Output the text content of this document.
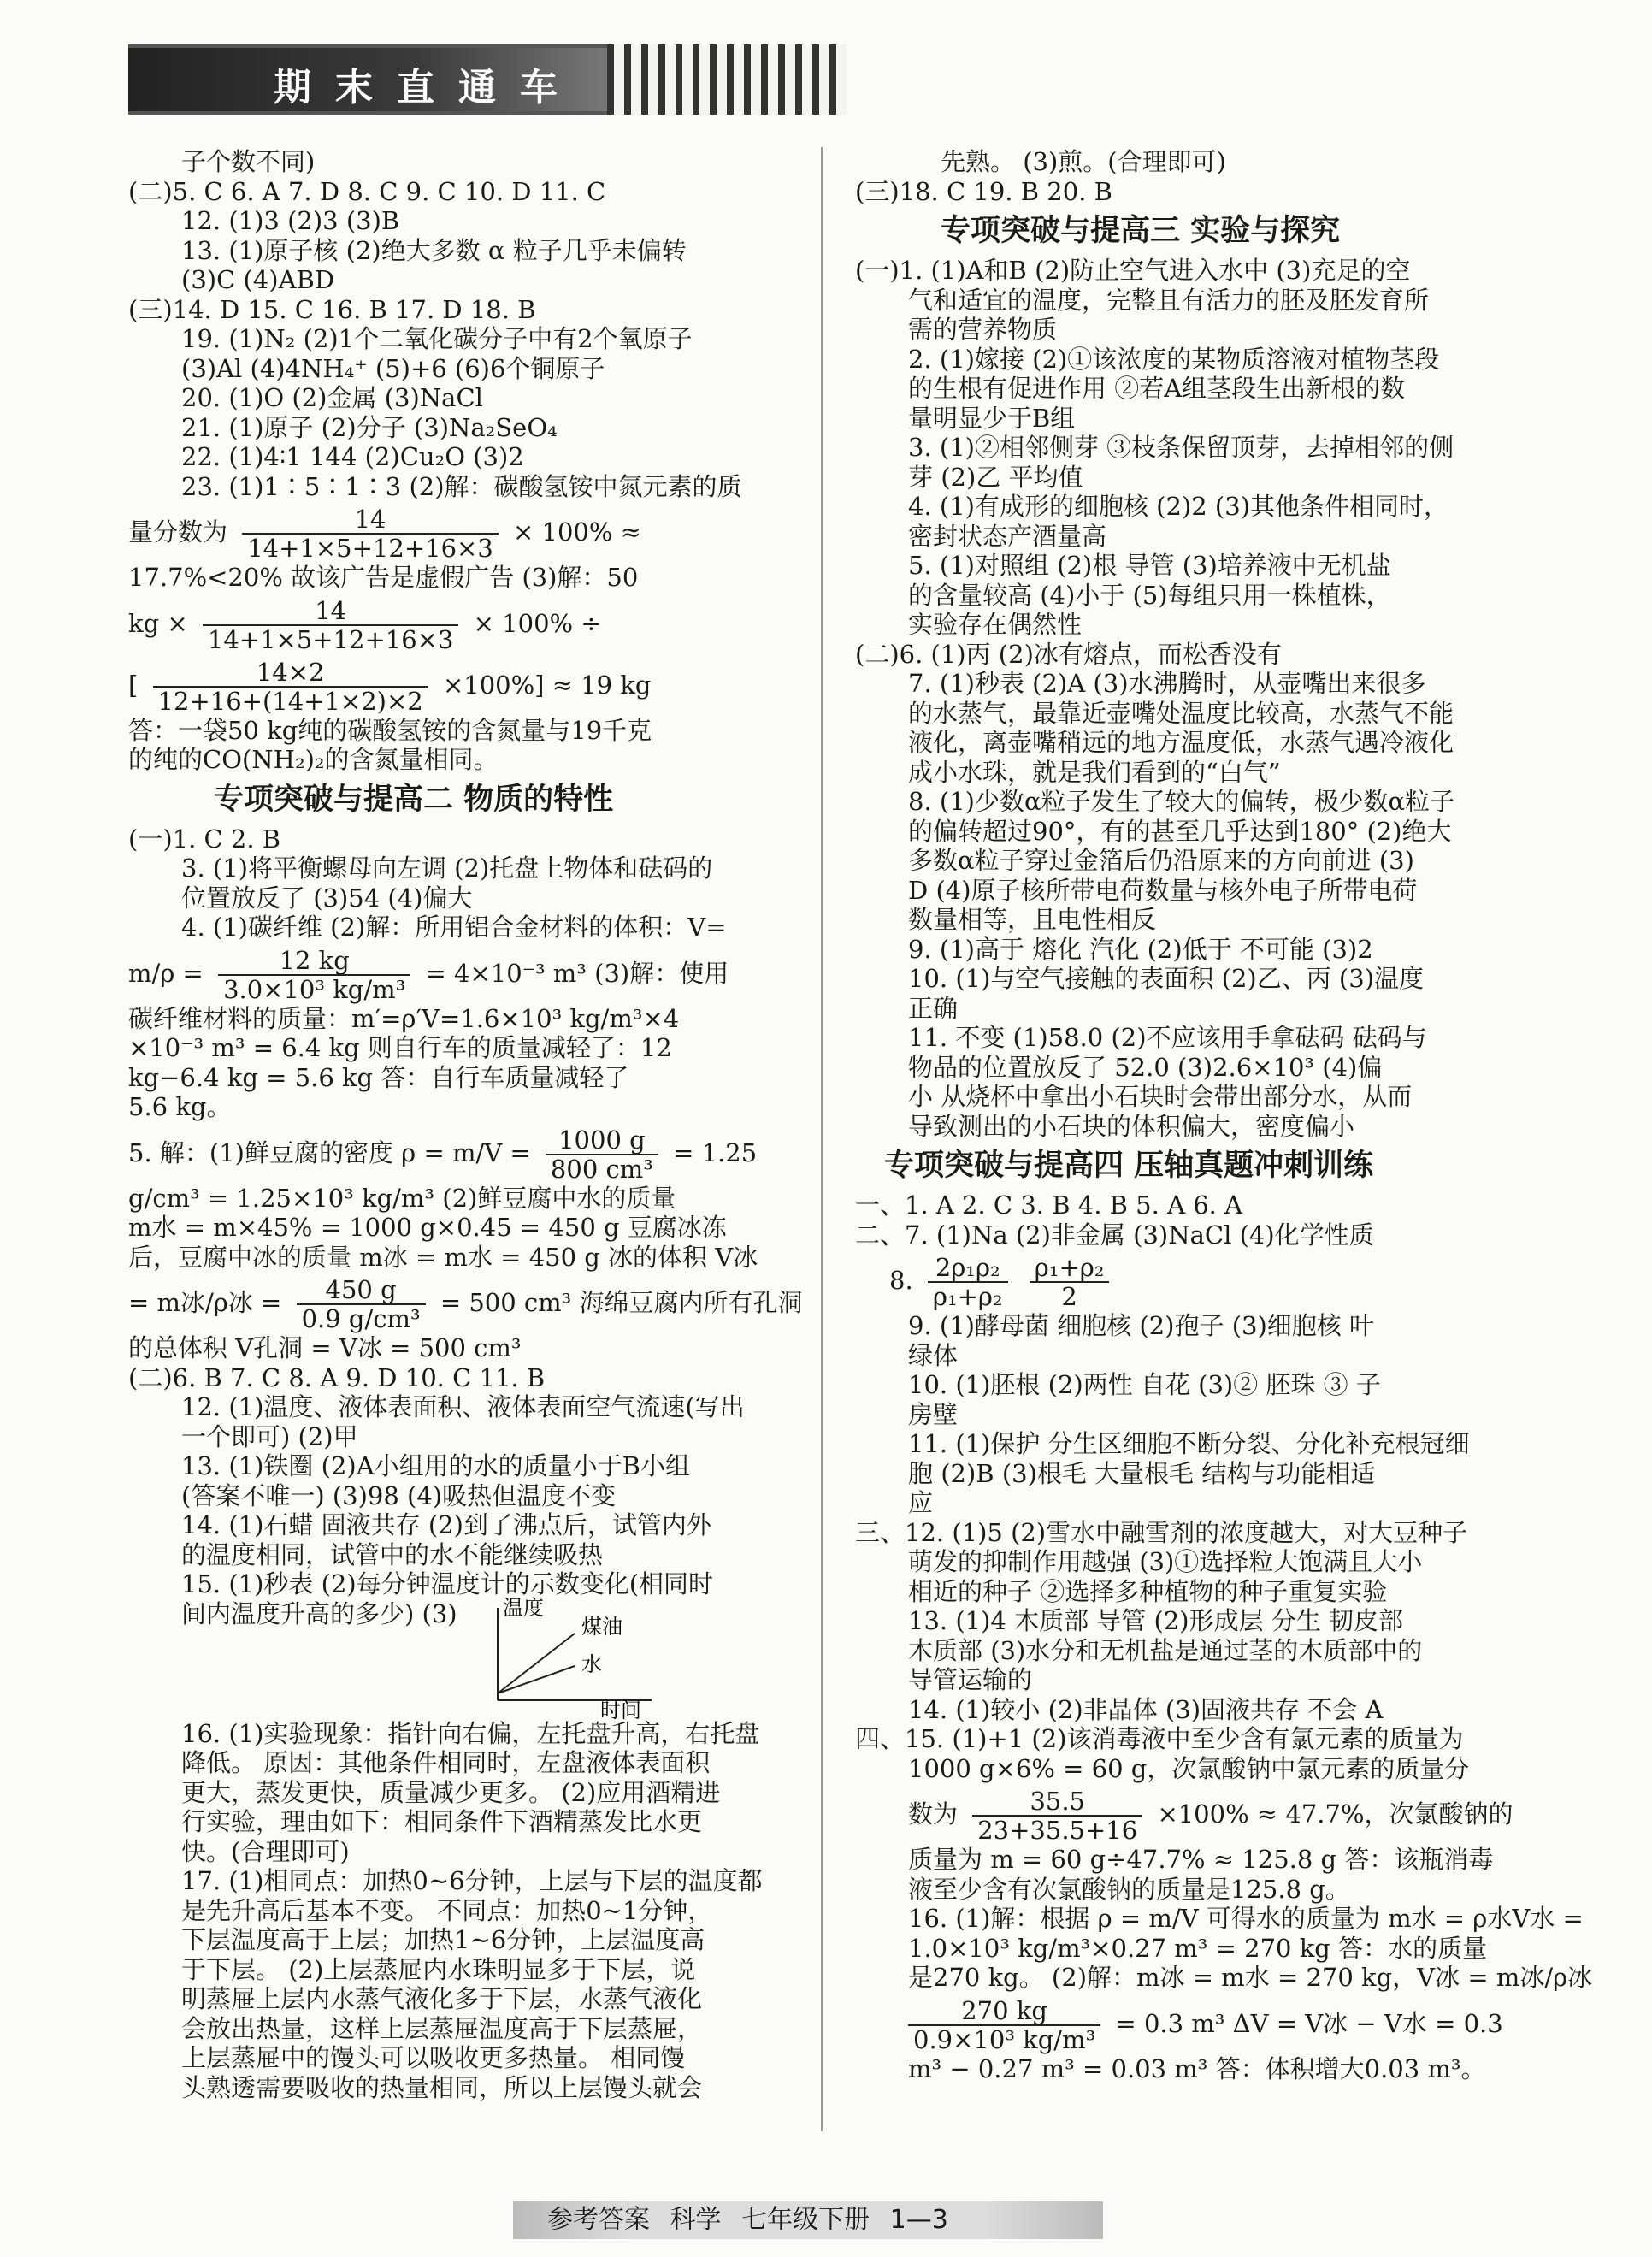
期末直通车
子个数不同)
(二)5. C 6. A 7. D 8. C 9. C 10. D 11. C
12. (1)3 (2)3 (3)B
13. (1)原子核 (2)绝大多数 α 粒子几乎未偏转
(3)C (4)ABD
(三)14. D 15. C 16. B 17. D 18. B
19. (1)N₂ (2)1个二氧化碳分子中有2个氧原子
(3)Al (4)4NH₄⁺ (5)+6 (6)6个铜原子
20. (1)O (2)金属 (3)NaCl
21. (1)原子 (2)分子 (3)Na₂SeO₄
22. (1)4∶1 144 (2)Cu₂O (3)2
23. (1)1∶5∶1∶3 (2)解：碳酸氢铵中氮元素的质
量分数为 $\frac{14}{14+1\times 5+12+16\times 3} \times 100\%$ ≈
17.7%<20% 故该广告是虚假广告 (3)解：50
kg × $\frac{14}{14+1\times 5+12+16\times 3} \times 100\%$ ÷
[ $\frac{14\times 2}{12+16+(14+1\times 2)\times 2} \times 100\%] \approx 19$ kg
答：一袋50 kg纯的碳酸氢铵的含氮量与19千克
的纯的CO(NH₂)₂的含氮量相同。
专项突破与提高二 物质的特性
(一)1. C 2. B
3. (1)将平衡螺母向左调 (2)托盘上物体和砝码的
位置放反了 (3)54 (4)偏大
4. (1)碳纤维 (2)解：所用铝合金材料的体积：V=
$m/\rho = \frac{12 kg}{\text{3.0×10³ kg/m³}} = 4\times 10^{-3}$ m³ (3)解：使用
碳纤维材料的质量：m′=ρ′V=1.6×10³ kg/m³×4
×10⁻³ m³ = 6.4 kg 则自行车的质量减轻了：12
kg−6.4 kg = 5.6 kg 答：自行车质量减轻了
5.6 kg。
5. 解：(1)鲜豆腐的密度 $\rho = m/V = \frac{1000 g}{\text{800 cm³}} = 1.25$
g/cm³ = 1.25×10³ kg/m³ (2)鲜豆腐中水的质量
m水 = m×45% = 1000 g×0.45 = 450 g 豆腐冰冻
后，豆腐中冰的质量 m冰 = m水 = 450 g 冰的体积 V冰
= m冰/ρ冰 = $\frac{450 g}{\text{0.9 g/cm³}} = 500$ cm³ 海绵豆腐内所有孔洞
的总体积 V孔洞 = V冰 = 500 cm³
(二)6. B 7. C 8. A 9. D 10. C 11. B
12. (1)温度、液体表面积、液体表面空气流速(写出
一个即可) (2)甲
13. (1)铁圈 (2)A小组用的水的质量小于B小组
(答案不唯一) (3)98 (4)吸热但温度不变
14. (1)石蜡 固液共存 (2)到了沸点后，试管内外
的温度相同，试管中的水不能继续吸热
15. (1)秒表 (2)每分钟温度计的示数变化(相同时
间内温度升高的多少) (3) 温度
煤油
水
时间
16. (1)实验现象：指针向右偏，左托盘升高，右托盘
降低。 原因：其他条件相同时，左盘液体表面积
更大，蒸发更快，质量减少更多。 (2)应用酒精进
行实验，理由如下：相同条件下酒精蒸发比水更
快。(合理即可)
17. (1)相同点：加热0~6分钟，上层与下层的温度都
是先升高后基本不变。 不同点：加热0~1分钟，
下层温度高于上层；加热1~6分钟，上层温度高
于下层。 (2)上层蒸屉内水珠明显多于下层，说
明蒸屉上层内水蒸气液化多于下层，水蒸气液化
会放出热量，这样上层蒸屉温度高于下层蒸屉，
上层蒸屉中的馒头可以吸收更多热量。 相同馒
头熟透需要吸收的热量相同，所以上层馒头就会
先熟。 (3)煎。(合理即可)
(三)18. C 19. B 20. B
专项突破与提高三 实验与探究
(一)1. (1)A和B (2)防止空气进入水中 (3)充足的空
气和适宜的温度，完整且有活力的胚及胚发育所
需的营养物质
2. (1)嫁接 (2)①该浓度的某物质溶液对植物茎段
的生根有促进作用 ②若A组茎段生出新根的数
量明显少于B组
3. (1)②相邻侧芽 ③枝条保留顶芽，去掉相邻的侧
芽 (2)乙 平均值
4. (1)有成形的细胞核 (2)2 (3)其他条件相同时，
密封状态产酒量高
5. (1)对照组 (2)根 导管 (3)培养液中无机盐
的含量较高 (4)小于 (5)每组只用一株植株，
实验存在偶然性
(二)6. (1)丙 (2)冰有熔点，而松香没有
7. (1)秒表 (2)A (3)水沸腾时，从壶嘴出来很多
的水蒸气，最靠近壶嘴处温度比较高，水蒸气不能
液化，离壶嘴稍远的地方温度低，水蒸气遇冷液化
成小水珠，就是我们看到的“白气”
8. (1)少数α粒子发生了较大的偏转，极少数α粒子
的偏转超过90°，有的甚至几乎达到180° (2)绝大
多数α粒子穿过金箔后仍沿原来的方向前进 (3)
D (4)原子核所带电荷数量与核外电子所带电荷
数量相等，且电性相反
9. (1)高于 熔化 汽化 (2)低于 不可能 (3)2
10. (1)与空气接触的表面积 (2)乙、丙 (3)温度
正确
11. 不变 (1)58.0 (2)不应该用手拿砝码 砝码与
物品的位置放反了 52.0 (3)2.6×10³ (4)偏
小 从烧杯中拿出小石块时会带出部分水，从而
导致测出的小石块的体积偏大，密度偏小
专项突破与提高四 压轴真题冲刺训练
一、1. A 2. C 3. B 4. B 5. A 6. A
二、7. (1)Na (2)非金属 (3)NaCl (4)化学性质
8. $\frac{\text{2ρ₁ρ₂}}{\text{ρ₁+ρ₂}}$
$\frac{\text{ρ₁+ρ₂}}{2}$
9. (1)酵母菌 细胞核 (2)孢子 (3)细胞核 叶
绿体
10. (1)胚根 (2)两性 自花 (3)② 胚珠 ③ 子
房壁
11. (1)保护 分生区细胞不断分裂、分化补充根冠细
胞 (2)B (3)根毛 大量根毛 结构与功能相适
应
三、12. (1)5 (2)雪水中融雪剂的浓度越大，对大豆种子
萌发的抑制作用越强 (3)①选择粒大饱满且大小
相近的种子 ②选择多种植物的种子重复实验
13. (1)4 木质部 导管 (2)形成层 分生 韧皮部
木质部 (3)水分和无机盐是通过茎的木质部中的
导管运输的
14. (1)较小 (2)非晶体 (3)固液共存 不会 A
四、15. (1)+1 (2)该消毒液中至少含有氯元素的质量为
1000 g×6% = 60 g，次氯酸钠中氯元素的质量分
数为 $\frac{35.5}{23+35.5+16} \times 100\% \approx 47.7\%$，次氯酸钠的
质量为 m = 60 g÷47.7% ≈ 125.8 g 答：该瓶消毒
液至少含有次氯酸钠的质量是125.8 g。
16. (1)解：根据 ρ = m/V 可得水的质量为 m水 = ρ水V水 =
1.0×10³ kg/m³×0.27 m³ = 270 kg 答：水的质量
是270 kg。 (2)解：m冰 = m水 = 270 kg，V冰 = m冰/ρ冰
$\frac{270 kg}{\text{0.9×10³ kg/m³}} = 0.3$ m³ ΔV = V冰 − V水 = 0.3
m³ − 0.27 m³ = 0.03 m³ 答：体积增大0.03 m³。
参考答案 科学 七年级下册 1—3
